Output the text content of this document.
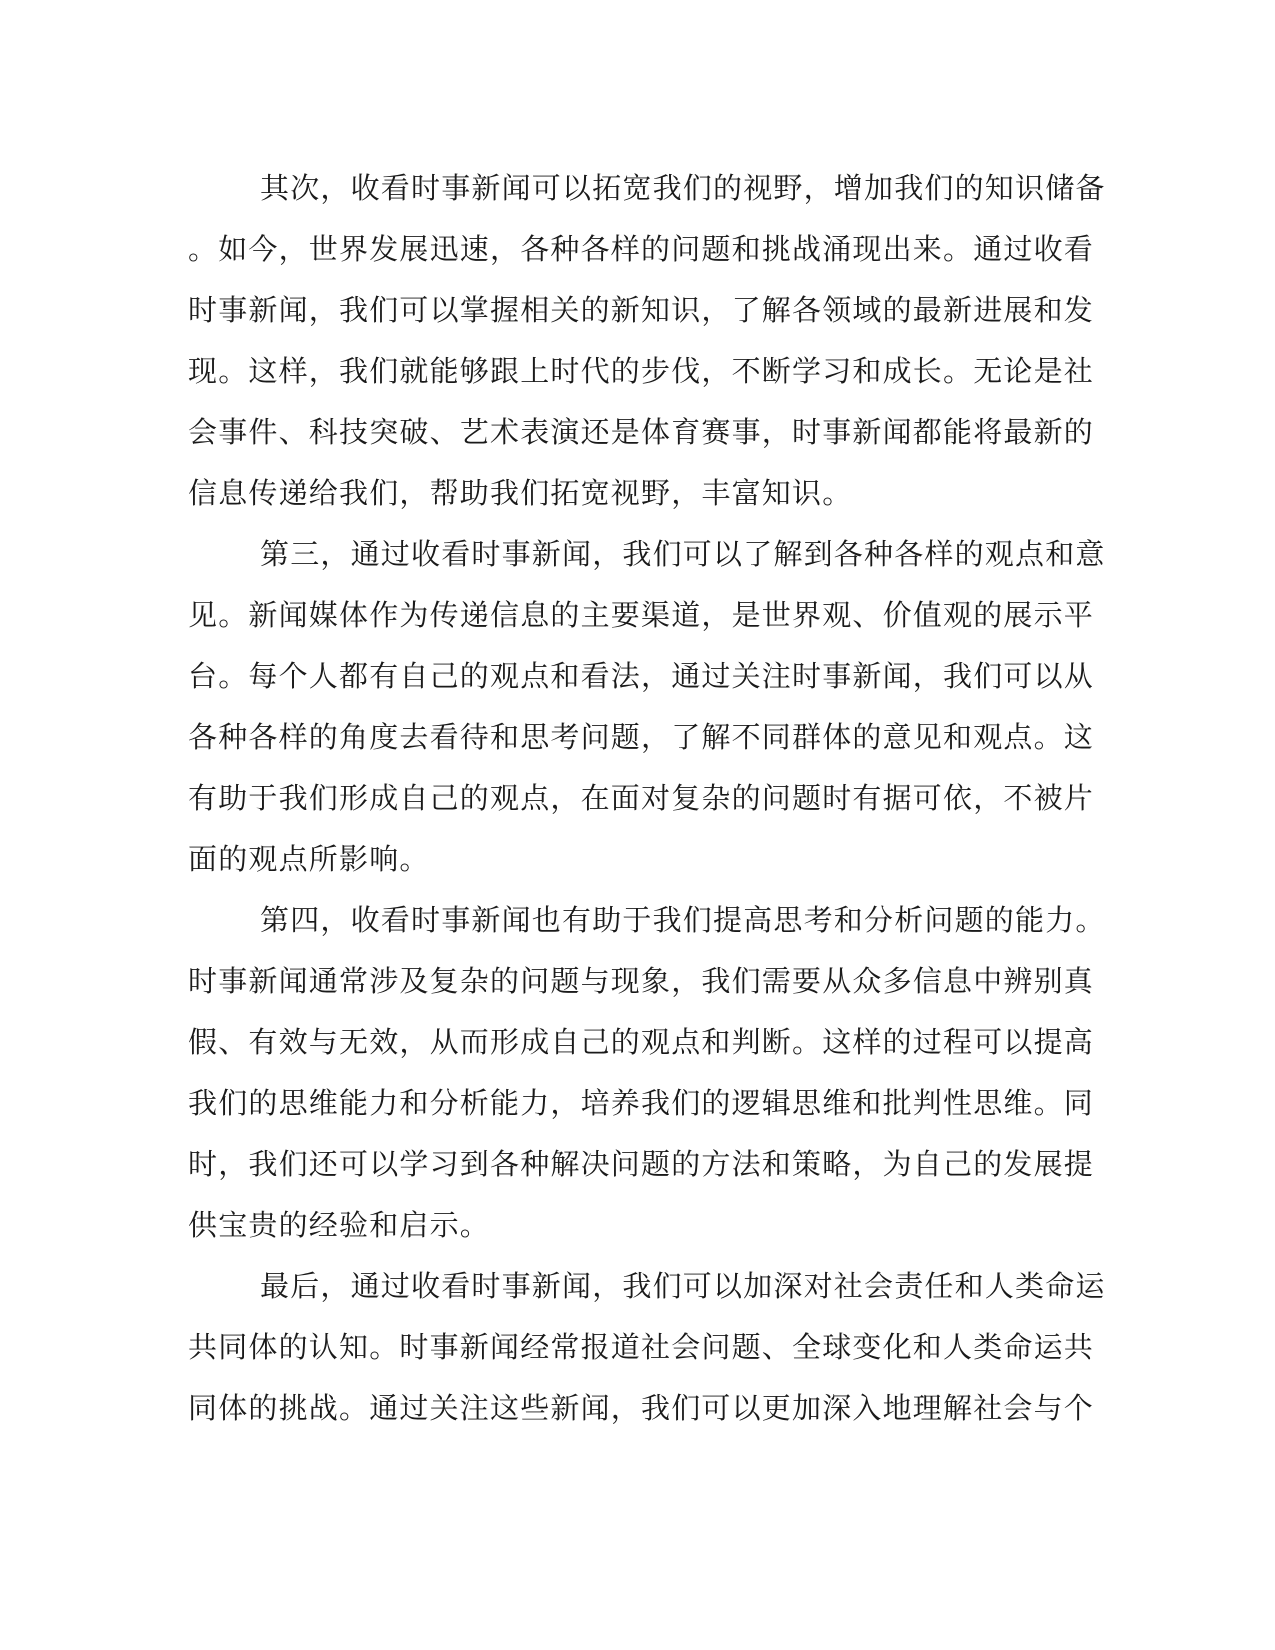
其次，收看时事新闻可以拓宽我们的视野，增加我们的知识储备
。如今，世界发展迅速，各种各样的问题和挑战涌现出来。通过收看
时事新闻，我们可以掌握相关的新知识，了解各领域的最新进展和发
现。这样，我们就能够跟上时代的步伐，不断学习和成长。无论是社
会事件、科技突破、艺术表演还是体育赛事，时事新闻都能将最新的
信息传递给我们，帮助我们拓宽视野，丰富知识。
第三，通过收看时事新闻，我们可以了解到各种各样的观点和意
见。新闻媒体作为传递信息的主要渠道，是世界观、价值观的展示平
台。每个人都有自己的观点和看法，通过关注时事新闻，我们可以从
各种各样的角度去看待和思考问题，了解不同群体的意见和观点。这
有助于我们形成自己的观点，在面对复杂的问题时有据可依，不被片
面的观点所影响。
第四，收看时事新闻也有助于我们提高思考和分析问题的能力。
时事新闻通常涉及复杂的问题与现象，我们需要从众多信息中辨别真
假、有效与无效，从而形成自己的观点和判断。这样的过程可以提高
我们的思维能力和分析能力，培养我们的逻辑思维和批判性思维。同
时，我们还可以学习到各种解决问题的方法和策略，为自己的发展提
供宝贵的经验和启示。
最后，通过收看时事新闻，我们可以加深对社会责任和人类命运
共同体的认知。时事新闻经常报道社会问题、全球变化和人类命运共
同体的挑战。通过关注这些新闻，我们可以更加深入地理解社会与个
